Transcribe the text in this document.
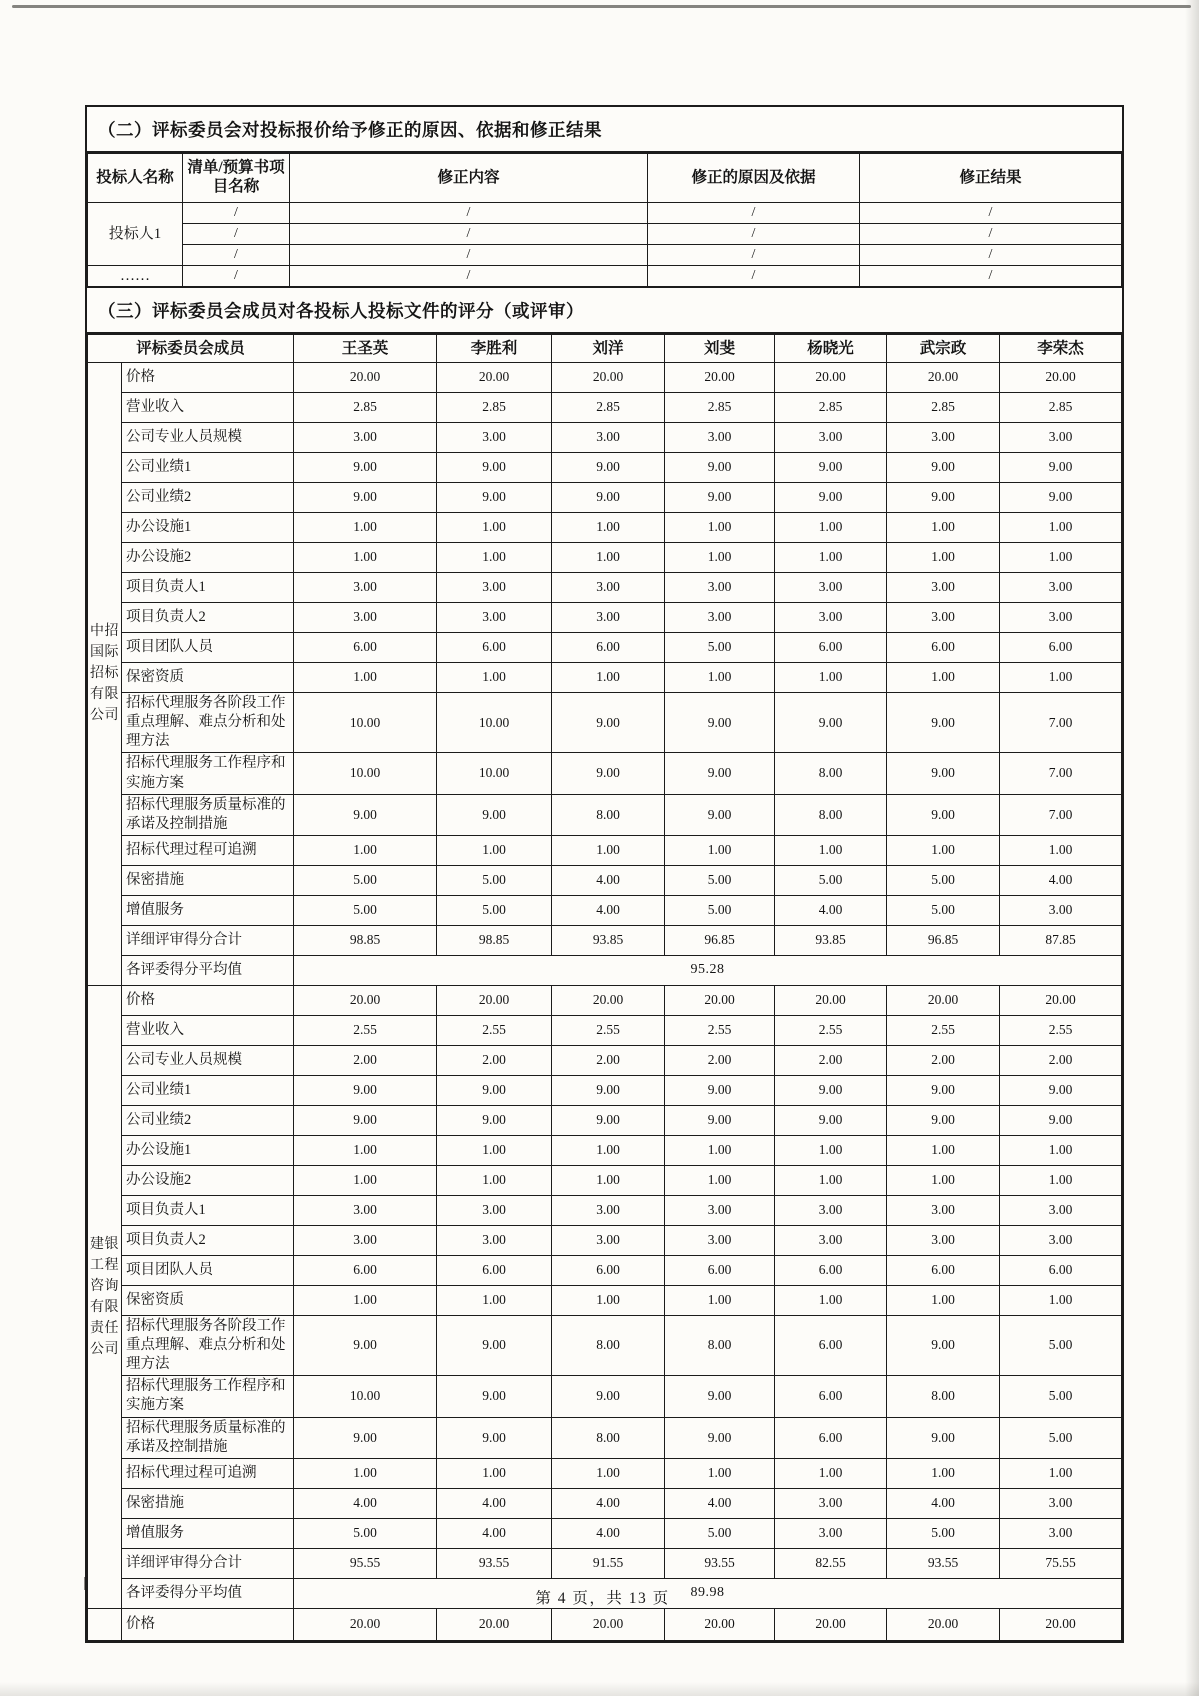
（二）评标委员会对投标报价给予修正的原因、依据和修正结果
投标人名称	清单/预算书项目名称	修正内容	修正的原因及依据	修正结果
投标人1	/	/	/	/
	/	/	/	/
	/	/	/	/
……	/	/	/	/
（三）评标委员会成员对各投标人投标文件的评分（或评审）
评标委员会成员		王圣英	李胜利	刘洋	刘斐	杨晓光	武宗政	李荣杰
中招国际招标有限公司	价格	20.00	20.00	20.00	20.00	20.00	20.00	20.00
	营业收入	2.85	2.85	2.85	2.85	2.85	2.85	2.85
	公司专业人员规模	3.00	3.00	3.00	3.00	3.00	3.00	3.00
	公司业绩1	9.00	9.00	9.00	9.00	9.00	9.00	9.00
	公司业绩2	9.00	9.00	9.00	9.00	9.00	9.00	9.00
	办公设施1	1.00	1.00	1.00	1.00	1.00	1.00	1.00
	办公设施2	1.00	1.00	1.00	1.00	1.00	1.00	1.00
	项目负责人1	3.00	3.00	3.00	3.00	3.00	3.00	3.00
	项目负责人2	3.00	3.00	3.00	3.00	3.00	3.00	3.00
	项目团队人员	6.00	6.00	6.00	5.00	6.00	6.00	6.00
	保密资质	1.00	1.00	1.00	1.00	1.00	1.00	1.00
	招标代理服务各阶段工作重点理解、难点分析和处理方法	10.00	10.00	9.00	9.00	9.00	9.00	7.00
	招标代理服务工作程序和实施方案	10.00	10.00	9.00	9.00	8.00	9.00	7.00
	招标代理服务质量标准的承诺及控制措施	9.00	9.00	8.00	9.00	8.00	9.00	7.00
	招标代理过程可追溯	1.00	1.00	1.00	1.00	1.00	1.00	1.00
	保密措施	5.00	5.00	4.00	5.00	5.00	5.00	4.00
	增值服务	5.00	5.00	4.00	5.00	4.00	5.00	3.00
	详细评审得分合计	98.85	98.85	93.85	96.85	93.85	96.85	87.85
	各评委得分平均值	95.28						
建银工程咨询有限责任公司	价格	20.00	20.00	20.00	20.00	20.00	20.00	20.00
	营业收入	2.55	2.55	2.55	2.55	2.55	2.55	2.55
	公司专业人员规模	2.00	2.00	2.00	2.00	2.00	2.00	2.00
	公司业绩1	9.00	9.00	9.00	9.00	9.00	9.00	9.00
	公司业绩2	9.00	9.00	9.00	9.00	9.00	9.00	9.00
	办公设施1	1.00	1.00	1.00	1.00	1.00	1.00	1.00
	办公设施2	1.00	1.00	1.00	1.00	1.00	1.00	1.00
	项目负责人1	3.00	3.00	3.00	3.00	3.00	3.00	3.00
	项目负责人2	3.00	3.00	3.00	3.00	3.00	3.00	3.00
	项目团队人员	6.00	6.00	6.00	6.00	6.00	6.00	6.00
	保密资质	1.00	1.00	1.00	1.00	1.00	1.00	1.00
	招标代理服务各阶段工作重点理解、难点分析和处理方法	9.00	9.00	8.00	8.00	6.00	9.00	5.00
	招标代理服务工作程序和实施方案	10.00	9.00	9.00	9.00	6.00	8.00	5.00
	招标代理服务质量标准的承诺及控制措施	9.00	9.00	8.00	9.00	6.00	9.00	5.00
	招标代理过程可追溯	1.00	1.00	1.00	1.00	1.00	1.00	1.00
	保密措施	4.00	4.00	4.00	4.00	3.00	4.00	3.00
	增值服务	5.00	4.00	4.00	5.00	3.00	5.00	3.00
	详细评审得分合计	95.55	93.55	91.55	93.55	82.55	93.55	75.55
	各评委得分平均值	89.98						
	价格	20.00	20.00	20.00	20.00	20.00	20.00	20.00
第 4 页，共 13 页
